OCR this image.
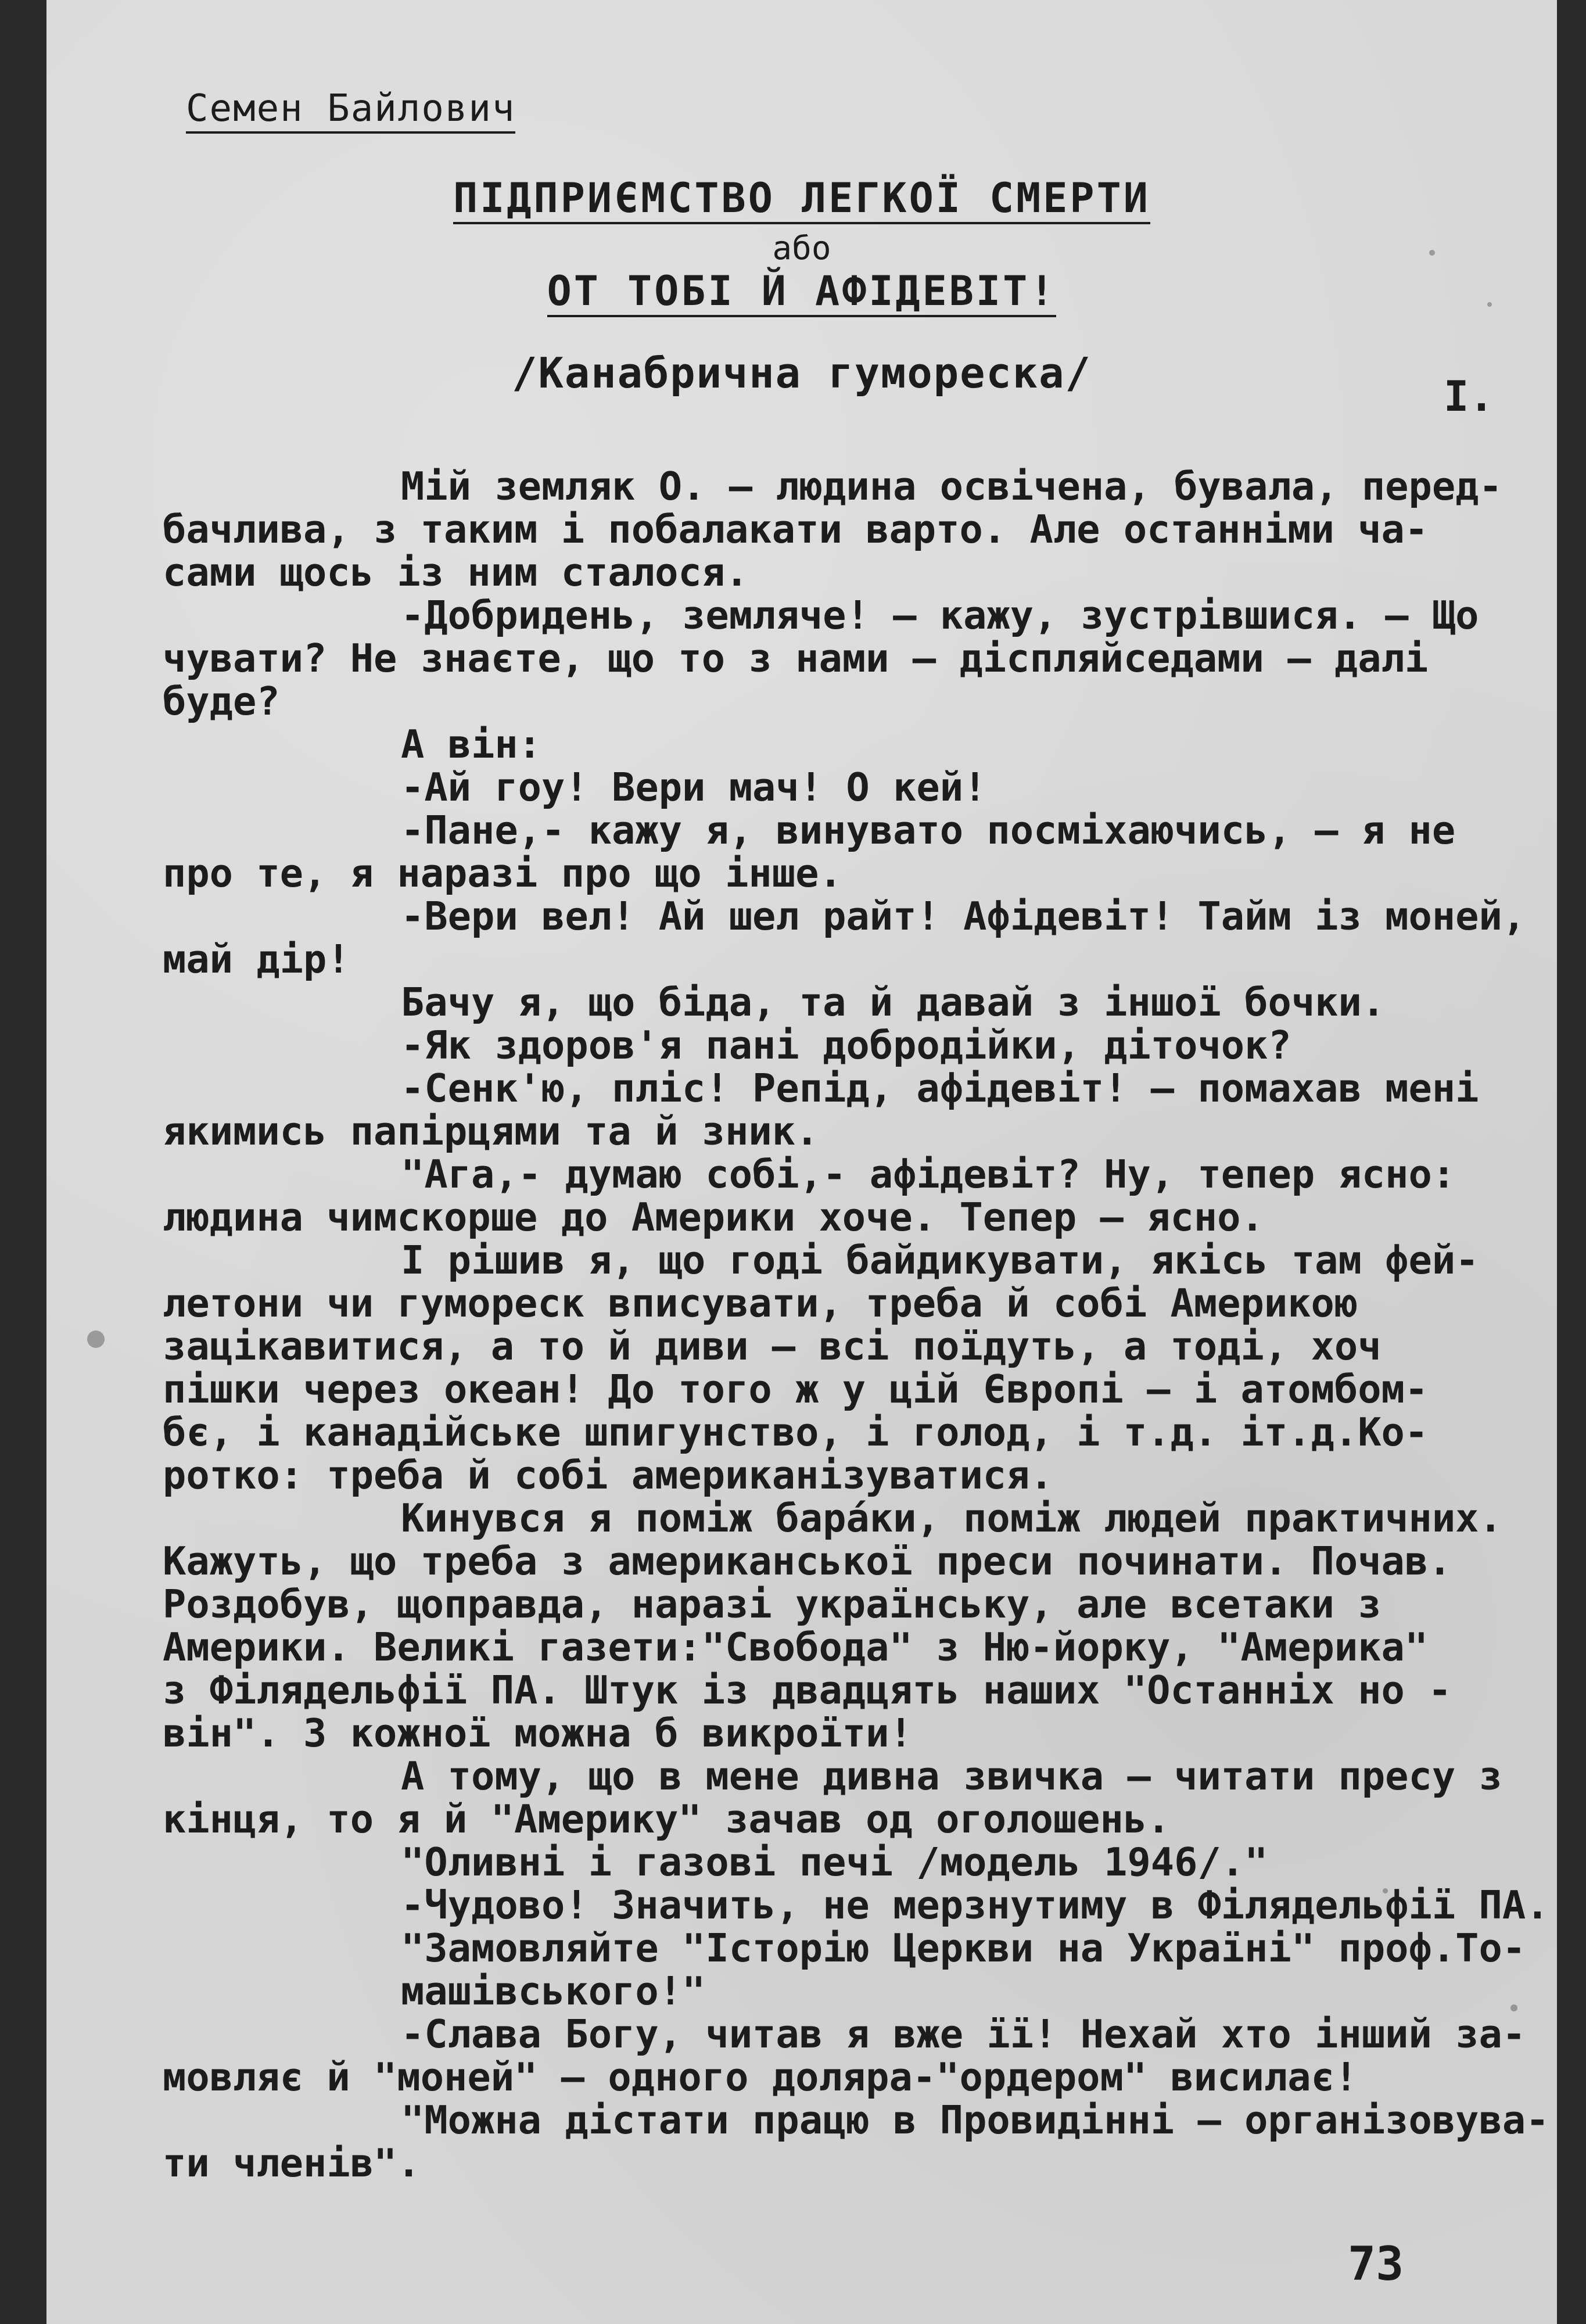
Семен Байлович
ПІДПРИЄМСТВО ЛЕГКОЇ СМЕРТИ
або
ОТ ТОБІ Й АФІДЕВІТ!
/Канабрична гумореска/	І.
Мій земляк О. – людина освічена, бувала, перед-
бачлива, з таким і побалакати варто. Але останніми ча-
сами щось із ним сталося.
-Добридень, земляче! – кажу, зустрівшися. – Що
чувати? Не знаєте, що то з нами – діспляйседами – далі
буде?
А він:
-Ай гоу! Вери мач! О кей!
-Пане,- кажу я, винувато посміхаючись, – я не
про те, я наразі про що інше.
-Вери вел! Ай шел райт! Афідевіт! Тайм із моней,
май дір!
Бачу я, що біда, та й давай з іншої бочки.
-Як здоров'я пані добродійки, діточок?
-Сенк'ю, пліс! Репід, афідевіт! – помахав мені
якимись папірцями та й зник.
"Ага,- думаю собі,- афідевіт? Ну, тепер ясно:
людина чимскорше до Америки хоче. Тепер – ясно.
І рішив я, що годі байдикувати, якісь там фей-
летони чи гумореск вписувати, треба й собі Америкою
зацікавитися, а то й диви – всі поїдуть, а тоді, хоч
пішки через океан! До того ж у цій Європі – і атомбом-
бє, і канадійське шпигунство, і голод, і т.д. іт.д.Ко-
ротко: треба й собі американізуватися.
Кинувся я поміж барáки, поміж людей практичних.
Кажуть, що треба з американської преси починати. Почав.
Роздобув, щоправда, наразі українську, але всетаки з
Америки. Великі газети:"Свобода" з Ню-йорку, "Америка"
з Філядельфії ПА. Штук із двадцять наших "Останніх но -
він". З кожної можна б викроїти!
А тому, що в мене дивна звичка – читати пресу з
кінця, то я й "Америку" зачав од оголошень.
"Оливні і газові печі /модель 1946/."
-Чудово! Значить, не мерзнутиму в Філядельфії ПА.
"Замовляйте "Історію Церкви на Україні" проф.То-
машівського!"
-Слава Богу, читав я вже її! Нехай хто інший за-
мовляє й "моней" – одного доляра-"ордером" висилає!
"Можна дістати працю в Провидінні – організовува-
ти членів".
73
